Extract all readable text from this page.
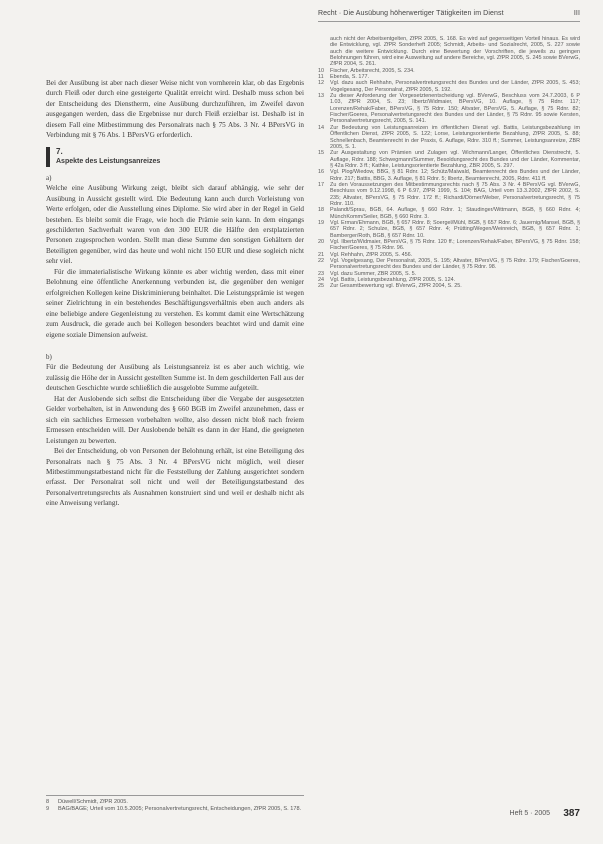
Recht · Die Ausübung höherwertiger Tätigkeiten im Dienst	III

Bei der Ausübung ist aber nach dieser Weise nicht von vornherein klar, ob das Ergebnis durch Fleiß oder durch eine gesteigerte Qualität erreicht wird. Deshalb muss schon bei der Entscheidung des Dienstherrn, eine Ausübung durchzuführen, im Zweifel davon ausgegangen werden, dass die Ergebnisse nur durch Fleiß erzielbar ist. Deshalb ist in diesem Fall eine Mitbestimmung des Personalrats nach § 75 Abs. 3 Nr. 4 BPersVG in Verbindung mit § 76 Abs. 1 BPersVG erforderlich.

7.
Aspekte des Leistungsanreizes
a)

Welche eine Ausübung Wirkung zeigt, bleibt sich darauf abhängig, wie sehr der Ausübung in Aussicht gestellt wird. Die Bedeutung kann auch durch Vorleistung von Werte erfolgen, oder die Ausstellung eines Diplome. Sie wird aber in der Regel in Geld bestehen. Es bleibt somit die Frage, wie hoch die Prämie sein kann. In dem eingangs geschilderten Sachverhalt waren von den 300 EUR die Hälfte den erstplatzierten Personen zugesprochen worden. Stellt man diese Summe den sonstigen Gehältern der Beteiligten gegenüber, wird das heute und wohl nicht 150 EUR und diese sogleich nicht sehr viel.

Für die immaterialistische Wirkung könnte es aber wichtig werden, dass mit einer Belohnung eine öffentliche Anerkennung verbunden ist, die gegenüber den weniger erfolgreichen Kollegen keine Diskriminierung beinhaltet. Die Leistungsprämie ist wegen seiner Zielrichtung in ein bestehendes Beschäftigungsverhältnis eben auch anders als eine beliebige andere Gegenleistung zu verstehen. Es kommt damit eine Wertschätzung zum Ausdruck, die gerade auch bei Kollegen besonders beachtet wird und damit eine eigene soziale Dimension aufweist.

b)

Für die Bedeutung der Ausübung als Leistungsanreiz ist es aber auch wichtig, wie zulässig die Höhe der in Aussicht gestellten Summe ist. In dem geschilderten Fall aus der deutschen Geschichte wurde schließlich die ausgelobte Summe aufgeteilt.

Hat der Auslobende sich selbst die Entscheidung über die Vergabe der ausgesetzten Gelder vorbehalten, ist in Anwendung des § 660 BGB im Zweifel anzunehmen, dass er sich ein sachliches Ermessen vorbehalten wollte, also dessen nicht bloß nach freiem Ermessen entscheiden will. Der Auslobende behält es dann in der Hand, die geeigneten Leistungen zu bewerten.

Bei der Entscheidung, ob von Personen der Belohnung erhält, ist eine Beteiligung des Personalrats nach § 75 Abs. 3 Nr. 4 BPersVG nicht möglich, weil dieser Mitbestimmungstatbestand nicht für die Feststellung der Zahlung ausgerichtet sondern erfasst. Der Personalrat soll nicht und weil der Beteiligungstatbestand des Personalvertretungsrechts als Ausnahmen konstruiert sind und weil er deshalb nicht als eine Anweisung verlangt.

8	Düwell/Schmidt, ZfPR 2005.
9	BAG/BAGE; Urteil vom 10.5.2005; Personalvertretungsrecht, Entscheidungen, ZfPR 2005, S. 178.
auch nicht der Arbeitsentgelten, ZfPR 2005, S. 168. Es wird auf gegenseitigen Vorteil hinaus. Es wird die Entwicklung, vgl. ZfPR Sonderheft 2005; Schmidt, Arbeits- und Sozialrecht, 2005, S. 227 sowie auch die weitere Entwicklung. Durch eine Bewertung der Vorschriften, die jeweils zu geringen Belohnungen führen, wird eine Ausweitung auf andere Bereiche, vgl. ZfPR 2005, S. 245 sowie BVerwG, ZfPR 2004, S. 261.
10	Fischer, Arbeitsrecht, 2005, S. 234.
11	Ebenda, S. 177.
12	Vgl. dazu auch Rehhahn, Personalvertretungsrecht des Bundes und der Länder, ZfPR 2005, S. 453; Vogelgesang, Der Personalrat, ZfPR 2005, S. 192.
13	Zu dieser Anforderung der Vorgesetztenentscheidung vgl. BVerwG, Beschluss vom 24.7.2003, 6 P 1.03, ZfPR 2004, S. 23; Ilbertz/Widmaier, BPersVG, 10. Auflage, § 75 Rdnr. 117; Lorenzen/Rehak/Faber, BPersVG, § 75 Rdnr. 150; Altvater, BPersVG, 5. Auflage, § 75 Rdnr. 82; Fischer/Goeres, Personalvertretungsrecht des Bundes und der Länder, § 75 Rdnr. 95 sowie Kersten, Personalvertretungsrecht, 2005, S. 141.
14	Zur Bedeutung von Leistungsanreizen im öffentlichen Dienst vgl. Battis, Leistungsbezahlung im Öffentlichen Dienst, ZfPR 2005, S. 122; Lorse, Leistungsorientierte Bezahlung, ZfPR 2005, S. 88; Schnellenbach, Beamtenrecht in der Praxis, 6. Auflage, Rdnr. 310 ff.; Summer, Leistungsanreize, ZBR 2005, S. 1.
15	Zur Ausgestaltung von Prämien und Zulagen vgl. Wichmann/Langer, Öffentliches Dienstrecht, 5. Auflage, Rdnr. 188; Schwegmann/Summer, Besoldungsrecht des Bundes und der Länder, Kommentar, § 42a Rdnr. 3 ff.; Kathke, Leistungsorientierte Bezahlung, ZBR 2005, S. 297.
16	Vgl. Plog/Wiedow, BBG, § 81 Rdnr. 12; Schütz/Maiwald, Beamtenrecht des Bundes und der Länder, Rdnr. 217; Battis, BBG, 3. Auflage, § 81 Rdnr. 5; Ilbertz, Beamtenrecht, 2005, Rdnr. 411 ff.
17	Zu den Voraussetzungen des Mitbestimmungsrechts nach § 75 Abs. 3 Nr. 4 BPersVG vgl. BVerwG, Beschluss vom 9.12.1998, 6 P 6.97, ZfPR 1999, S. 104; BAG, Urteil vom 13.3.2002, ZfPR 2002, S. 235; Altvater, BPersVG, § 75 Rdnr. 172 ff.; Richardi/Dörner/Weber, Personalvertretungsrecht, § 75 Rdnr. 110.
18	Palandt/Sprau, BGB, 64. Auflage, § 660 Rdnr. 1; Staudinger/Wittmann, BGB, § 660 Rdnr. 4; MünchKomm/Seiler, BGB, § 660 Rdnr. 3.
19	Vgl. Erman/Ehmann, BGB, § 657 Rdnr. 8; Soergel/Mühl, BGB, § 657 Rdnr. 6; Jauernig/Mansel, BGB, § 657 Rdnr. 2; Schulze, BGB, § 657 Rdnr. 4; Prütting/Wegen/Weinreich, BGB, § 657 Rdnr. 1; Bamberger/Roth, BGB, § 657 Rdnr. 10.
20	Vgl. Ilbertz/Widmaier, BPersVG, § 75 Rdnr. 120 ff.; Lorenzen/Rehak/Faber, BPersVG, § 75 Rdnr. 158; Fischer/Goeres, § 75 Rdnr. 96.
21	Vgl. Rehhahn, ZfPR 2005, S. 456.
22	Vgl. Vogelgesang, Der Personalrat, 2005, S. 195; Altvater, BPersVG, § 75 Rdnr. 179; Fischer/Goeres, Personalvertretungsrecht des Bundes und der Länder, § 75 Rdnr. 98.
23	Vgl. dazu Summer, ZBR 2005, S. 5.
24	Vgl. Battis, Leistungsbezahlung, ZfPR 2005, S. 124.
25	Zur Gesamtbewertung vgl. BVerwG, ZfPR 2004, S. 25.
Heft 5 · 2005 387
